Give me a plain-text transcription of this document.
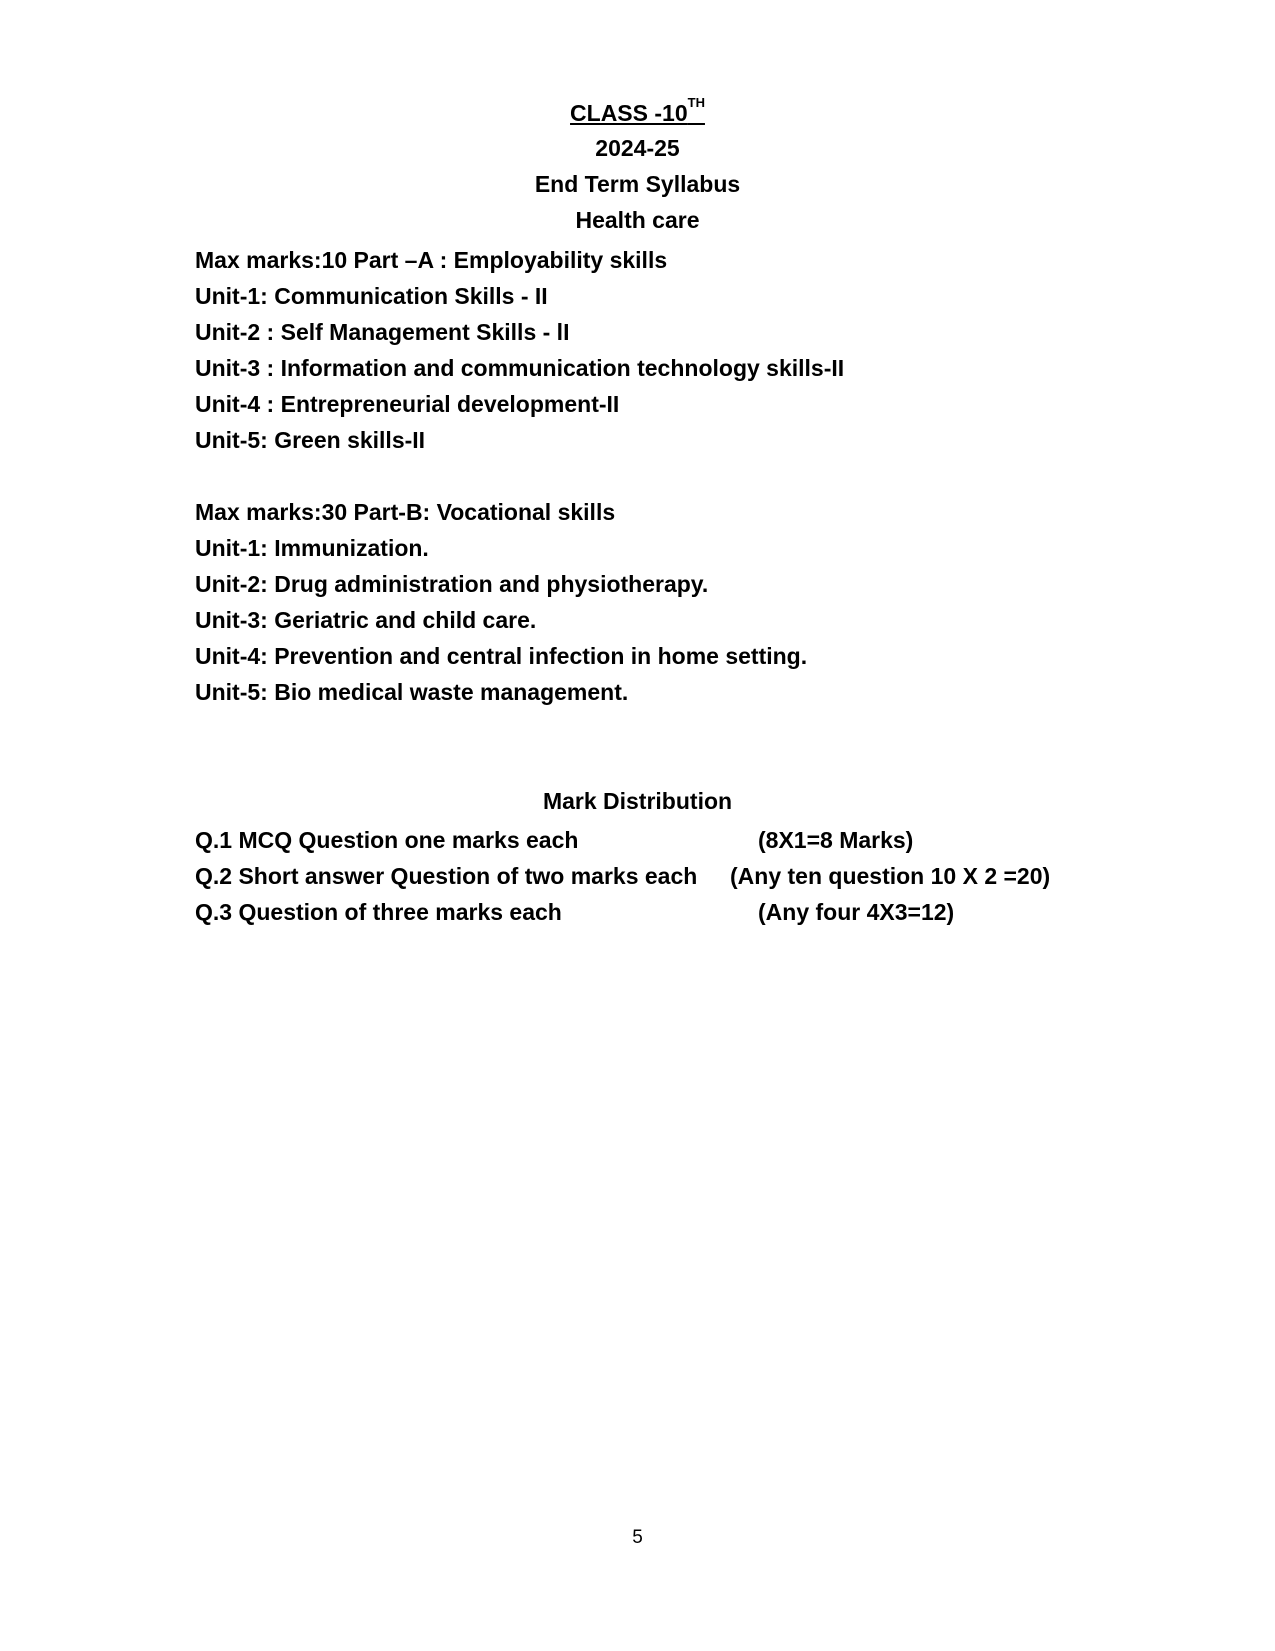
CLASS -10TH
2024-25
End Term Syllabus
Health care
Max marks:10 Part –A : Employability skills
Unit-1: Communication Skills - II
Unit-2 : Self Management Skills - lI
Unit-3 : Information and communication technology skills-II
Unit-4 : Entrepreneurial development-II
Unit-5: Green skills-II
Max marks:30 Part-B: Vocational skills
Unit-1: Immunization.
Unit-2: Drug administration and physiotherapy.
Unit-3: Geriatric and child care.
Unit-4: Prevention and central infection in home setting.
Unit-5: Bio medical waste management.
Mark Distribution
Q.1 MCQ Question one marks each	(8X1=8 Marks)
Q.2 Short answer Question of two marks each (Any ten question 10 X 2 =20)
Q.3 Question of three marks each	(Any four 4X3=12)
5
